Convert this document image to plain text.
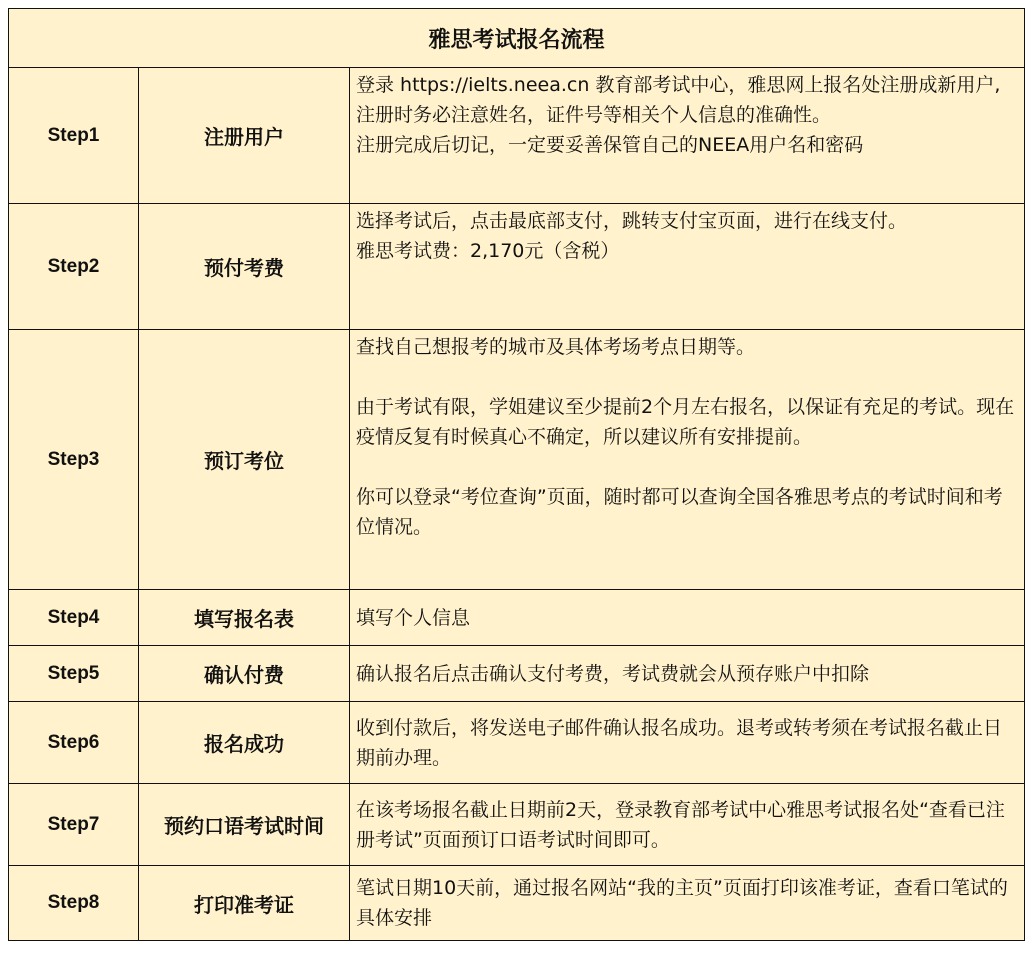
雅思考试报名流程		
Step1	注册用户	登录 https://ielts.neea.cn 教育部考试中心，雅思网上报名处注册成新用户,注册时务必注意姓名，证件号等相关个人信息的准确性。

注册完成后切记，一定要妥善保管自己的NEEA用户名和密码

Step2	预付考费	选择考试后，点击最底部支付，跳转支付宝页面，进行在线支付。

雅思考试费：2,170元（含税）

Step3	预订考位	查找自己想报考的城市及具体考场考点日期等。

由于考试有限，学姐建议至少提前2个月左右报名，以保证有充足的考试。现在疫情反复有时候真心不确定，所以建议所有安排提前。

你可以登录“考位查询”页面，随时都可以查询全国各雅思考点的考试时间和考位情况。

Step4	填写报名表	填写个人信息

Step5	确认付费	确认报名后点击确认支付考费，考试费就会从预存账户中扣除

Step6	报名成功	收到付款后，将发送电子邮件确认报名成功。退考或转考须在考试报名截止日期前办理。

Step7	预约口语考试时间	在该考场报名截止日期前2天，登录教育部考试中心雅思考试报名处“查看已注册考试”页面预订口语考试时间即可。

Step8	打印准考证	笔试日期10天前，通过报名网站“我的主页”页面打印该准考证，查看口笔试的具体安排
